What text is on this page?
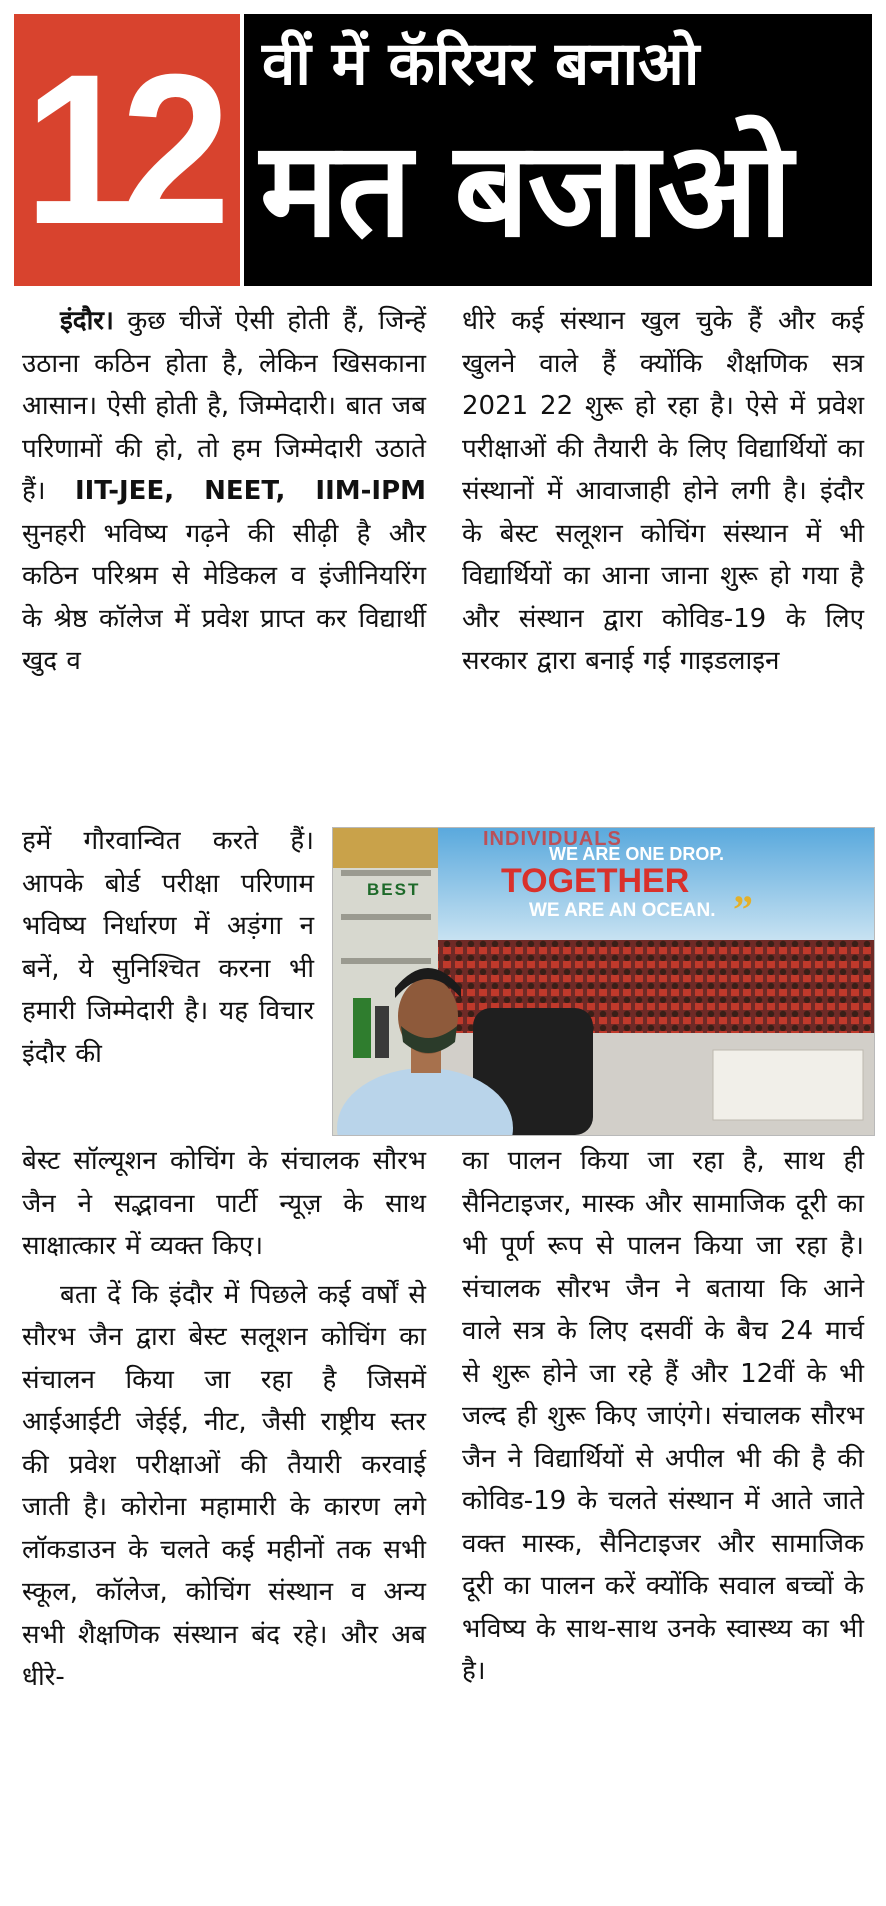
12 वीं में कॅरियर बनाओ
मत बजाओ

इंदौर। कुछ चीजें ऐसी होती हैं, जिन्हें उठाना कठिन होता है, लेकिन खिसकाना आसान। ऐसी होती है, जिम्मेदारी। बात जब परिणामों की हो, तो हम जिम्मेदारी उठाते हैं। IIT-JEE, NEET, IIM-IPM सुनहरी भविष्य गढ़ने की सीढ़ी है और कठिन परिश्रम से मेडिकल व इंजीनियरिंग के श्रेष्ठ कॉलेज में प्रवेश प्राप्त कर विद्यार्थी खुद व

हमें गौरवान्वित करते हैं। आपके बोर्ड परीक्षा परिणाम भविष्य निर्धारण में अड़ंगा न बनें, ये सुनिश्चित करना भी हमारी जिम्मेदारी है। यह विचार इंदौर की

बेस्ट सॉल्यूशन कोचिंग के संचालक सौरभ जैन ने सद्भावना पार्टी न्यूज़ के साथ साक्षात्कार में व्यक्त किए।

बता दें कि इंदौर में पिछले कई वर्षों से सौरभ जैन द्वारा बेस्ट सलूशन कोचिंग का संचालन किया जा रहा है जिसमें आईआईटी जेईई, नीट, जैसी राष्ट्रीय स्तर की प्रवेश परीक्षाओं की तैयारी करवाई जाती है। कोरोना महामारी के कारण लगे लॉकडाउन के चलते कई महीनों तक सभी स्कूल, कॉलेज, कोचिंग संस्थान व अन्य सभी शैक्षणिक संस्थान बंद रहे। और अब धीरे-

धीरे कई संस्थान खुल चुके हैं और कई खुलने वाले हैं क्योंकि शैक्षणिक सत्र 2021 22 शुरू हो रहा है। ऐसे में प्रवेश परीक्षाओं की तैयारी के लिए विद्यार्थियों का संस्थानों में आवाजाही होने लगी है। इंदौर के बेस्ट सलूशन कोचिंग संस्थान में भी विद्यार्थियों का आना जाना शुरू हो गया है और संस्थान द्वारा कोविड-19 के लिए सरकार द्वारा बनाई गई गाइडलाइन

INDIVIDUALS
WE ARE ONE DROP.
TOGETHER
WE ARE AN OCEAN. ”
BEST

का पालन किया जा रहा है, साथ ही सैनिटाइजर, मास्क और सामाजिक दूरी का भी पूर्ण रूप से पालन किया जा रहा है। संचालक सौरभ जैन ने बताया कि आने वाले सत्र के लिए दसवीं के बैच 24 मार्च से शुरू होने जा रहे हैं और 12वीं के भी जल्द ही शुरू किए जाएंगे। संचालक सौरभ जैन ने विद्यार्थियों से अपील भी की है की कोविड-19 के चलते संस्थान में आते जाते वक्त मास्क, सैनिटाइजर और सामाजिक दूरी का पालन करें क्योंकि सवाल बच्चों के भविष्य के साथ-साथ उनके स्वास्थ्य का भी है।
